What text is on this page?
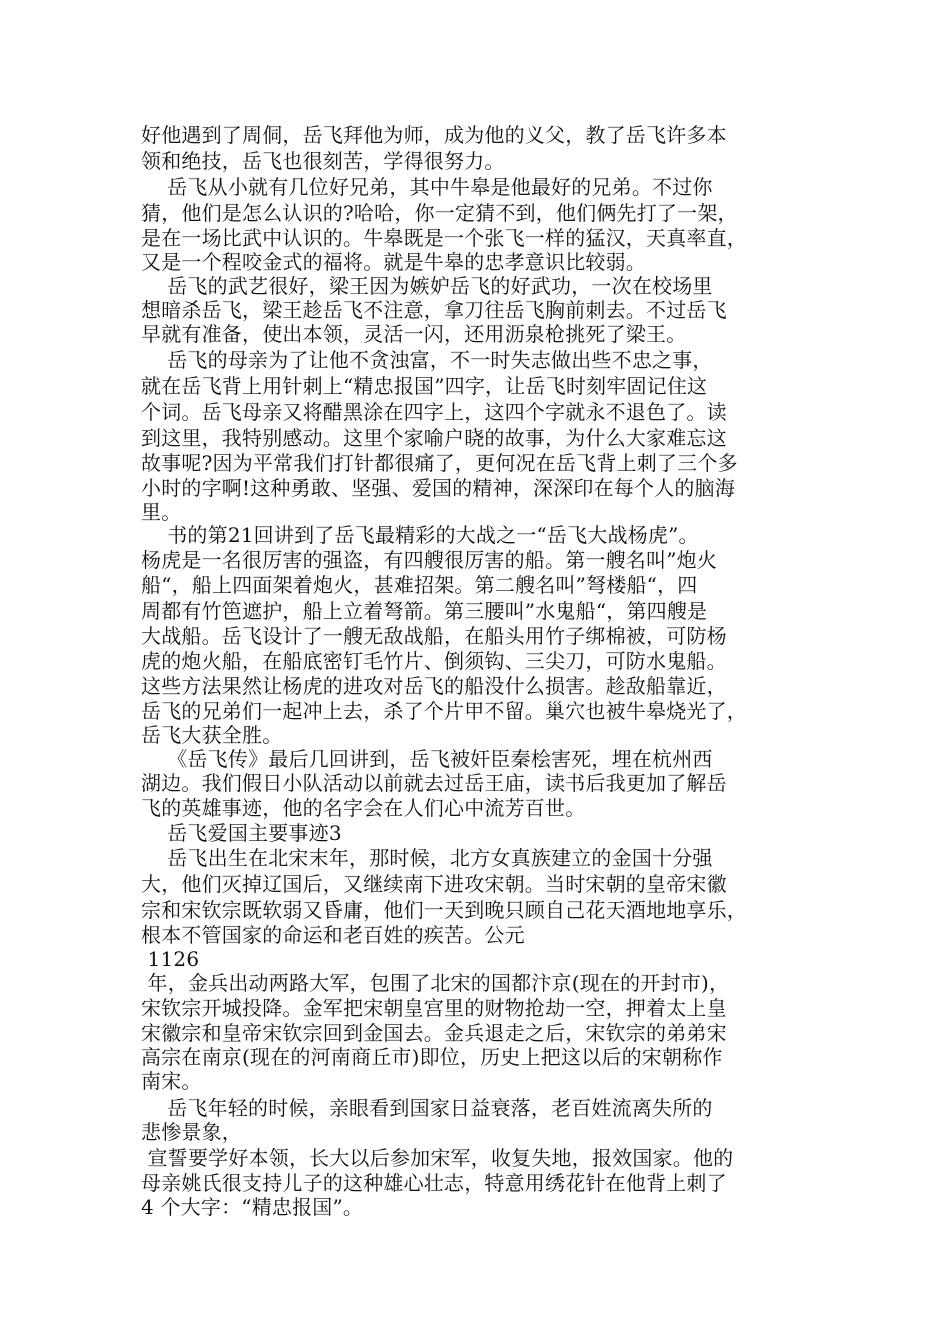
好他遇到了周侗，岳飞拜他为师，成为他的义父，教了岳飞许多本
领和绝技，岳飞也很刻苦，学得很努力。
岳飞从小就有几位好兄弟，其中牛皋是他最好的兄弟。不过你
猜，他们是怎么认识的?哈哈，你一定猜不到，他们俩先打了一架，
是在一场比武中认识的。牛皋既是一个张飞一样的猛汉，天真率直，
又是一个程咬金式的福将。就是牛皋的忠孝意识比较弱。
岳飞的武艺很好，梁王因为嫉妒岳飞的好武功，一次在校场里
想暗杀岳飞，梁王趁岳飞不注意，拿刀往岳飞胸前刺去。不过岳飞
早就有准备，使出本领，灵活一闪，还用沥泉枪挑死了梁王。
岳飞的母亲为了让他不贪浊富，不一时失志做出些不忠之事，
就在岳飞背上用针刺上“精忠报国”四字，让岳飞时刻牢固记住这
个词。岳飞母亲又将醋黑涂在四字上，这四个字就永不退色了。读
到这里，我特别感动。这里个家喻户晓的故事，为什么大家难忘这
故事呢?因为平常我们打针都很痛了，更何况在岳飞背上刺了三个多
小时的字啊!这种勇敢、坚强、爱国的精神，深深印在每个人的脑海
里。
书的第21回讲到了岳飞最精彩的大战之一“岳飞大战杨虎”。
杨虎是一名很厉害的强盗，有四艘很厉害的船。第一艘名叫”炮火
船“，船上四面架着炮火，甚难招架。第二艘名叫”弩楼船“，四
周都有竹笆遮护，船上立着弩箭。第三腰叫”水鬼船“，第四艘是
大战船。岳飞设计了一艘无敌战船，在船头用竹子绑棉被，可防杨
虎的炮火船，在船底密钉毛竹片、倒须钩、三尖刀，可防水鬼船。
这些方法果然让杨虎的进攻对岳飞的船没什么损害。趁敌船靠近，
岳飞的兄弟们一起冲上去，杀了个片甲不留。巢穴也被牛皋烧光了，
岳飞大获全胜。
《岳飞传》最后几回讲到，岳飞被奸臣秦桧害死，埋在杭州西
湖边。我们假日小队活动以前就去过岳王庙，读书后我更加了解岳
飞的英雄事迹，他的名字会在人们心中流芳百世。
岳飞爱国主要事迹3
岳飞出生在北宋末年，那时候，北方女真族建立的金国十分强
大，他们灭掉辽国后，又继续南下进攻宋朝。当时宋朝的皇帝宋徽
宗和宋钦宗既软弱又昏庸，他们一天到晚只顾自己花天酒地地享乐，
根本不管国家的命运和老百姓的疾苦。公元
1126
年，金兵出动两路大军，包围了北宋的国都汴京(现在的开封市)，
宋钦宗开城投降。金军把宋朝皇宫里的财物抢劫一空，押着太上皇
宋徽宗和皇帝宋钦宗回到金国去。金兵退走之后，宋钦宗的弟弟宋
高宗在南京(现在的河南商丘市)即位，历史上把这以后的宋朝称作
南宋。
岳飞年轻的时候，亲眼看到国家日益衰落，老百姓流离失所的
悲惨景象，
宣誓要学好本领，长大以后参加宋军，收复失地，报效国家。他的
母亲姚氏很支持儿子的这种雄心壮志，特意用绣花针在他背上刺了
4 个大字：“精忠报国”。
